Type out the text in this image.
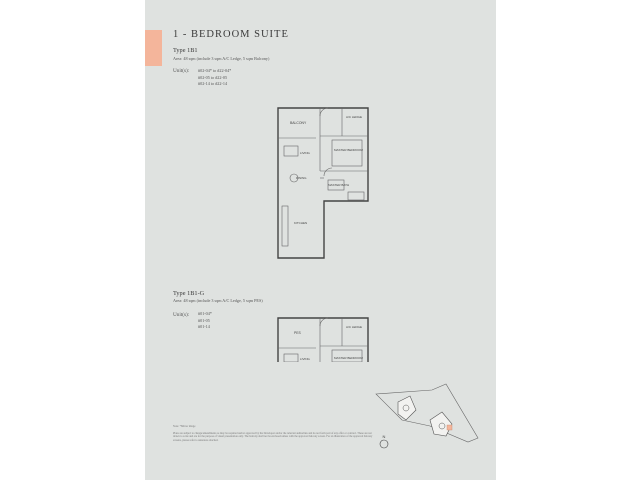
1 - BEDROOM SUITE
Type 1B1
Area: 48 sqm (include 3 sqm A/C Ledge, 5 sqm Balcony)
Unit(s): #02-04* to #22-04*
#02-05 to #22-05
#02-14 to #22-14
BALCONY
A/C LEDGE
MASTER BEDROOM
LIVING
DINING
MASTER BATH
KITCHEN
Type 1B1-G
Area: 48 sqm (include 3 sqm A/C Ledge, 5 sqm PES)
Unit(s): #01-04*
#01-05
#01-14
PES
A/C LEDGE
MASTER BEDROOM
LIVING
Note: *Mirror image
Plans are subject to change/amendments as may be required and/or approved by the Developer and/or the relevant authorities and do not form part of any offer or contract. These are not drawn to scale and are for the purpose of visual presentation only. The balcony shall not be enclosed unless with the approved balcony screen. For an illustration of the approved balcony screens, please refer to annexure attached.
N
